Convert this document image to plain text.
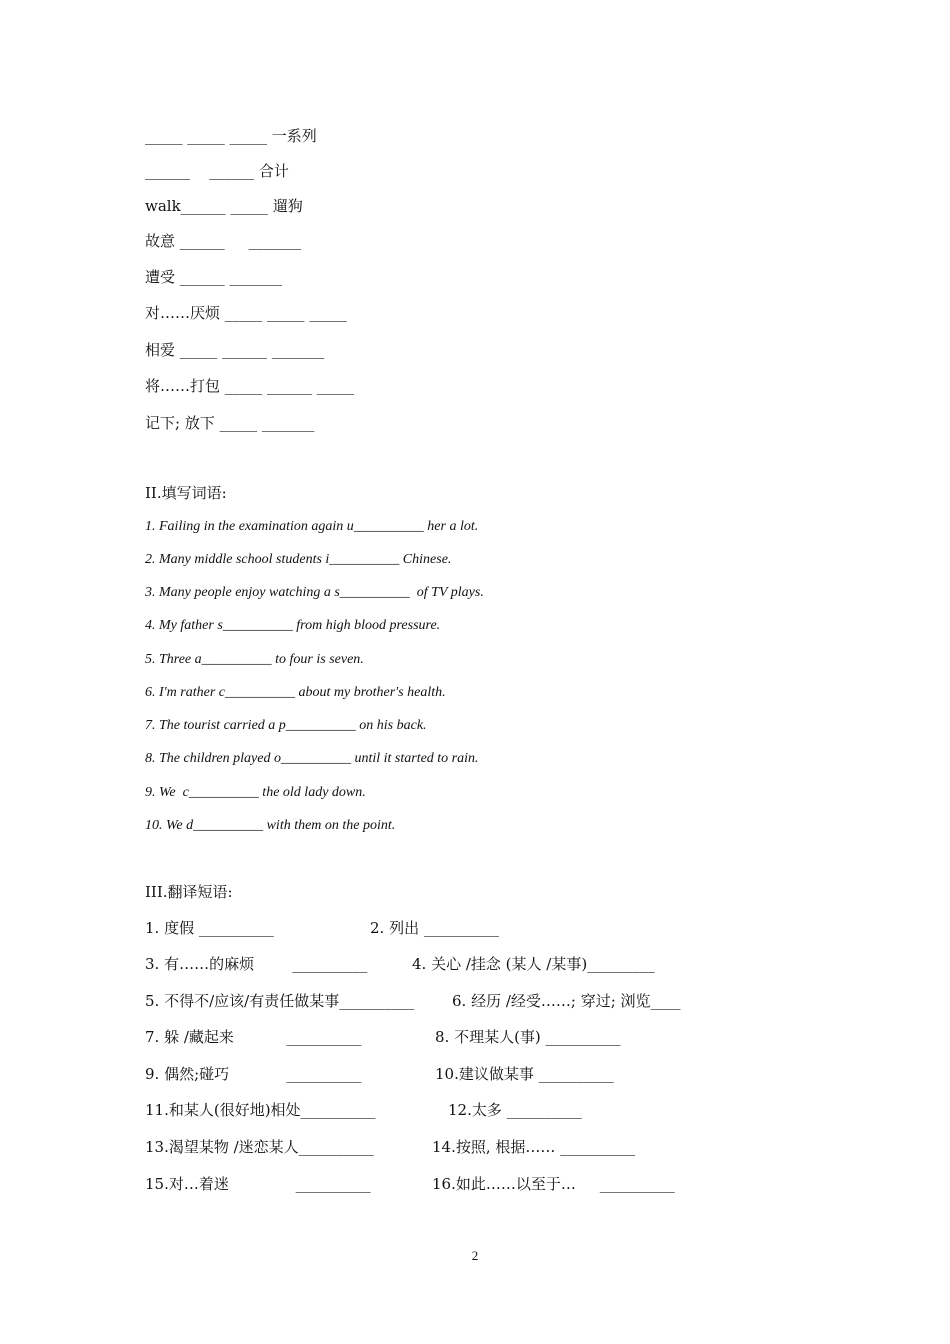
_____ _____ _____ 一系列
______    ______ 合计
walk______ _____ 遛狗
故意 ______     _______
遭受 ______ _______
对……厌烦 _____ _____ _____
相爱 _____ ______ _______
将……打包 _____ ______ _____
记下; 放下 _____ _______
II.填写词语:
1. Failing in the examination again u__________ her a lot.
2. Many middle school students i__________ Chinese.
3. Many people enjoy watching a s__________  of TV plays.
4. My father s__________ from high blood pressure.
5. Three a__________ to four is seven.
6. I'm rather c__________ about my brother's health.
7. The tourist carried a p__________ on his back.
8. The children played o__________ until it started to rain.
9. We  c__________ the old lady down.
10. We d__________ with them on the point.
III.翻译短语:
1. 度假 __________	2. 列出 __________
3. 有……的麻烦        __________	4. 关心 /挂念 (某人 /某事)_________
5. 不得不/应该/有责任做某事__________	6. 经历 /经受……; 穿过; 浏览____
7. 躲 /藏起来           __________	8. 不理某人(事) __________
9. 偶然;碰巧            __________	10.建议做某事 __________
11.和某人(很好地)相处__________	12.太多 __________
13.渴望某物 /迷恋某人__________	14.按照, 根据…… __________
15.对…着迷              __________	16.如此……以至于…     __________
2
